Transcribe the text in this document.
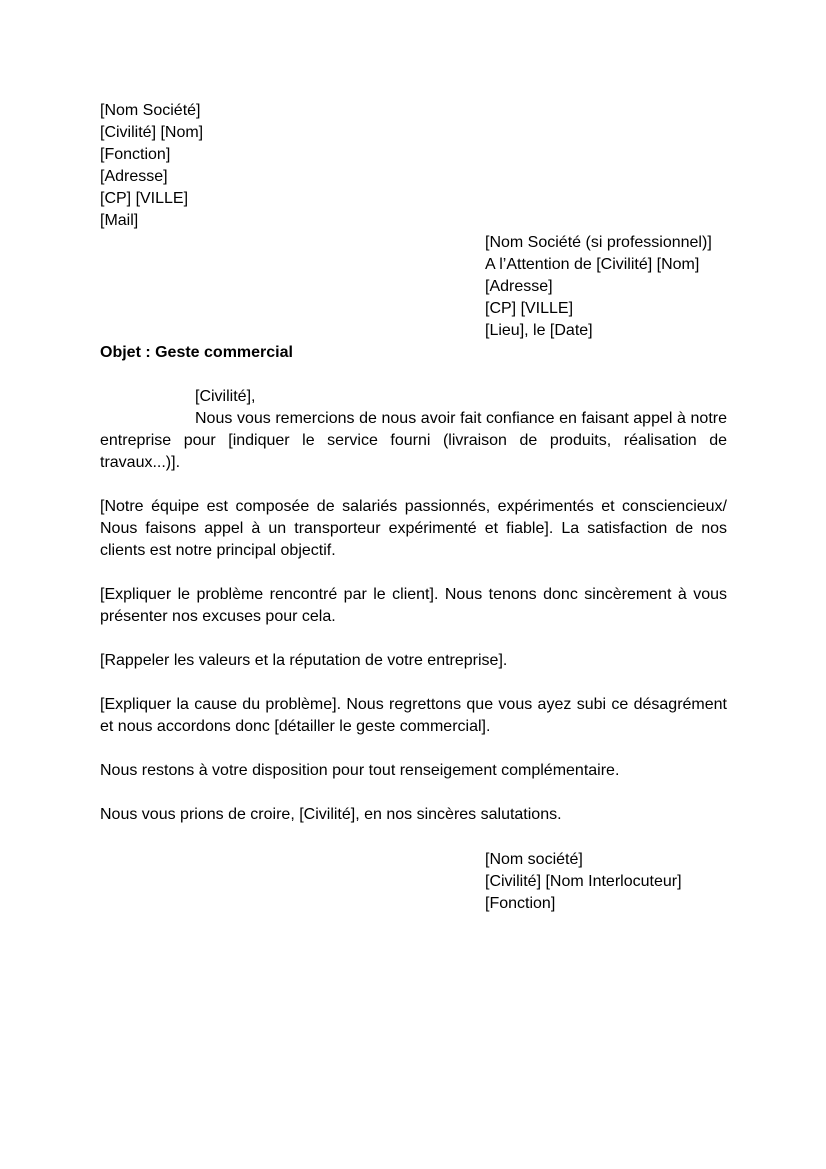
[Nom Société]
[Civilité] [Nom]
[Fonction]
[Adresse]
[CP] [VILLE]
[Mail]
[Nom Société (si professionnel)]
A l’Attention de [Civilité] [Nom]
[Adresse]
[CP] [VILLE]
[Lieu], le [Date]
Objet : Geste commercial
[Civilité],

Nous vous remercions de nous avoir fait confiance en faisant appel à notre entreprise pour [indiquer le service fourni (livraison de produits, réalisation de travaux...)].

[Notre équipe est composée de salariés passionnés, expérimentés et consciencieux/ Nous faisons appel à un transporteur expérimenté et fiable]. La satisfaction de nos clients est notre principal objectif.

[Expliquer le problème rencontré par le client]. Nous tenons donc sincèrement à vous présenter nos excuses pour cela.

[Rappeler les valeurs et la réputation de votre entreprise].

[Expliquer la cause du problème]. Nous regrettons que vous ayez subi ce désagrément et nous accordons donc [détailler le geste commercial].

Nous restons à votre disposition pour tout renseigement complémentaire.

Nous vous prions de croire, [Civilité], en nos sincères salutations.

[Nom société]
[Civilité] [Nom Interlocuteur]
[Fonction]
